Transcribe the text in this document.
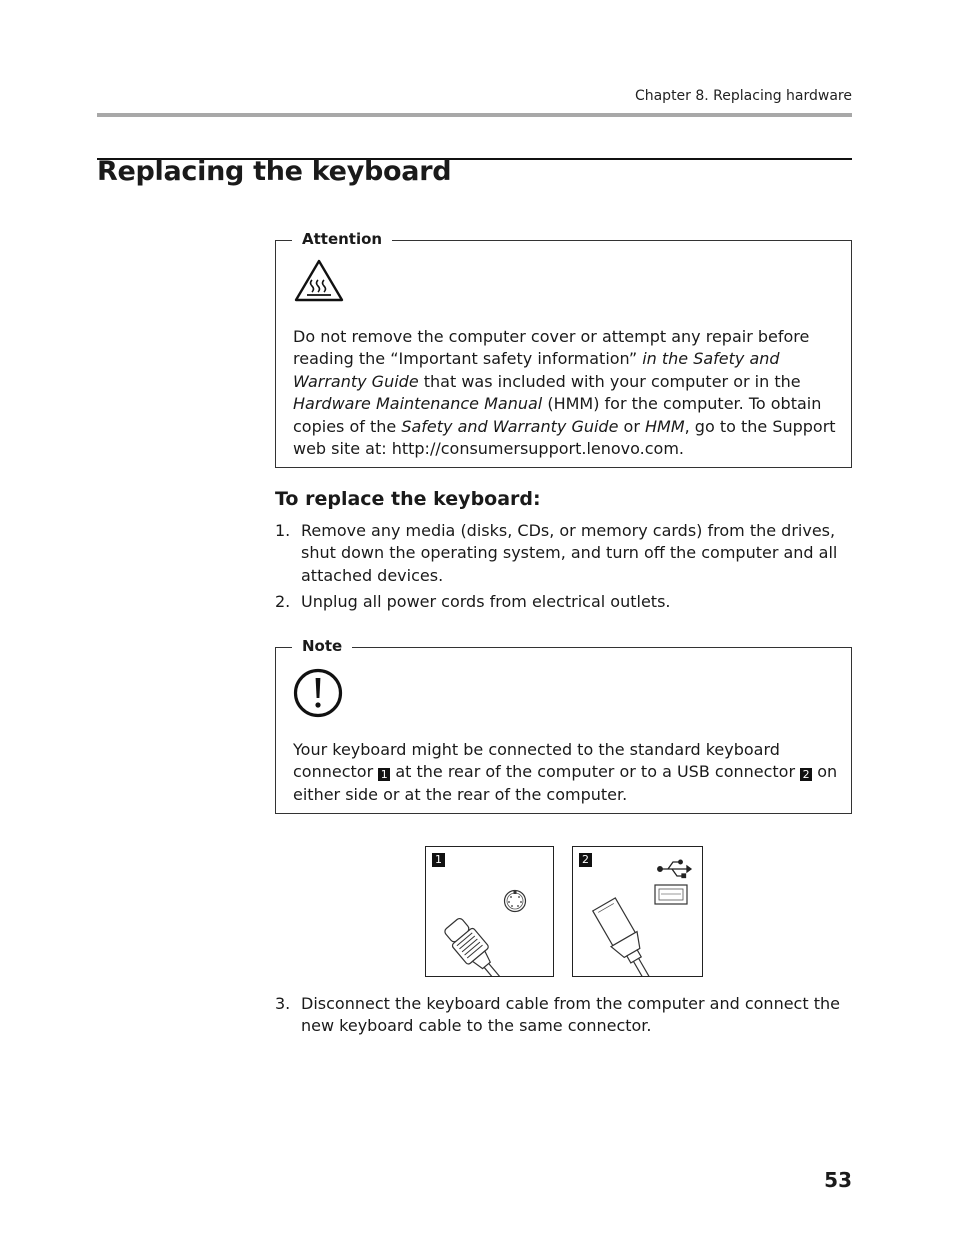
Chapter 8. Replacing hardware
Replacing the keyboard
Attention
Do not remove the computer cover or attempt any repair before reading the “Important safety information” in the Safety and Warranty Guide that was included with your computer or in the Hardware Maintenance Manual (HMM) for the computer. To obtain copies of the Safety and Warranty Guide or HMM, go to the Support web site at: http://consumersupport.lenovo.com.
To replace the keyboard:
1. Remove any media (disks, CDs, or memory cards) from the drives, shut down the operating system, and turn off the computer and all attached devices.
2. Unplug all power cords from electrical outlets.
Note
Your keyboard might be connected to the standard keyboard connector 1 at the rear of the computer or to a USB connector 2 on either side or at the rear of the computer.
1	2
3. Disconnect the keyboard cable from the computer and connect the new keyboard cable to the same connector.
53
